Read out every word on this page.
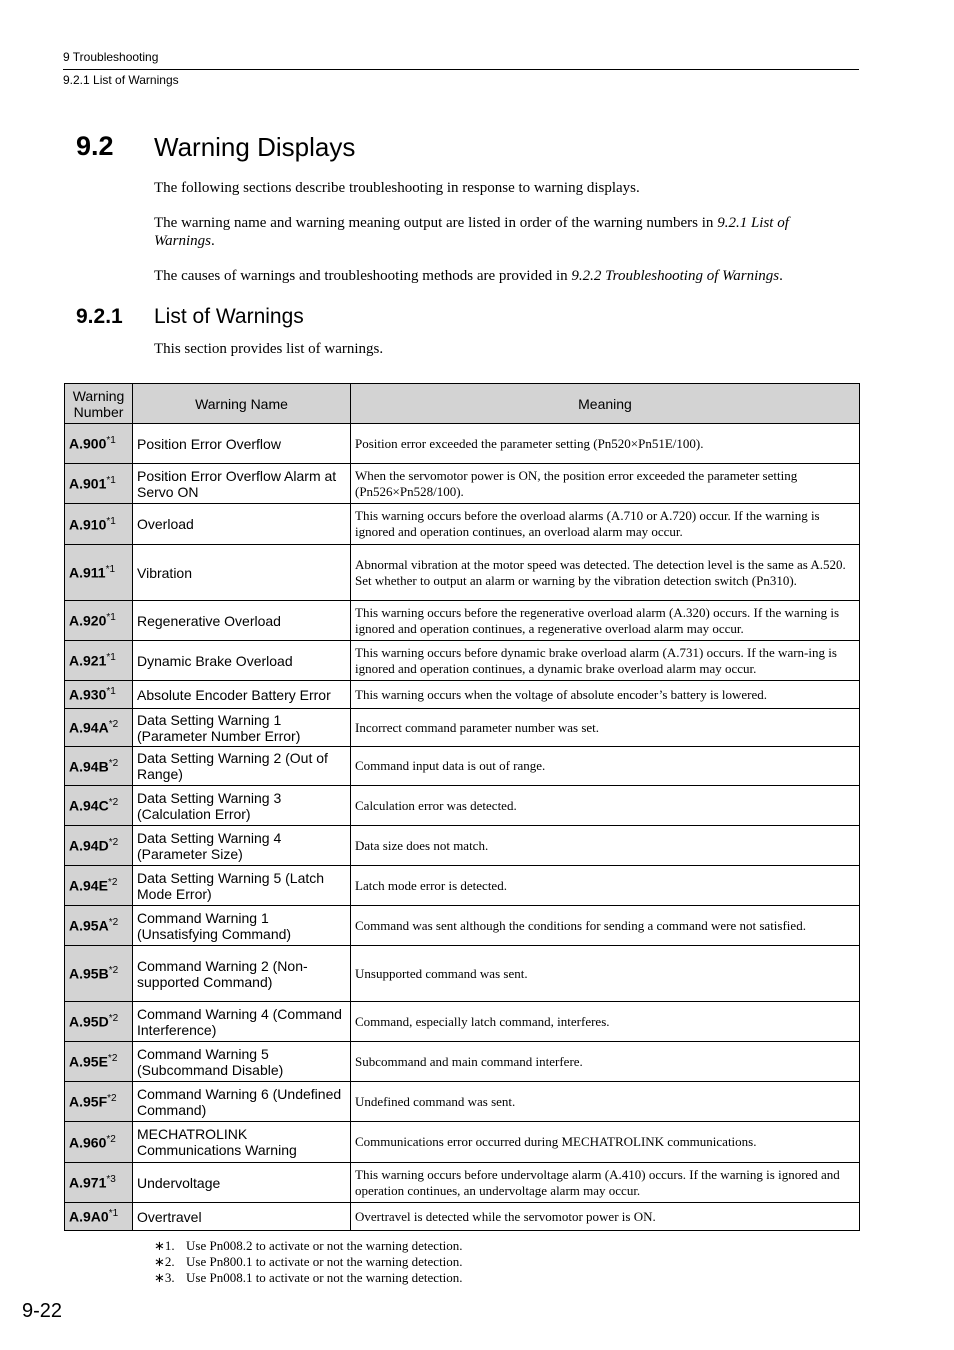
9 Troubleshooting
9.2.1 List of Warnings
9.2 Warning Displays
The following sections describe troubleshooting in response to warning displays.
The warning name and warning meaning output are listed in order of the warning numbers in 9.2.1 List of Warnings.
The causes of warnings and troubleshooting methods are provided in 9.2.2 Troubleshooting of Warnings.
9.2.1 List of Warnings
This section provides list of warnings.
Warning Number	Warning Name	Meaning
A.900$^{*1}$	Position Error Overflow	Position error exceeded the parameter setting (Pn520×Pn51E/100).
A.901$^{*1}$	Position Error Overflow Alarm at Servo ON	When the servomotor power is ON, the position error exceeded the parameter setting (Pn526×Pn528/100).
A.910$^{*1}$	Overload	This warning occurs before the overload alarms (A.710 or A.720) occur. If the warning is ignored and operation continues, an overload alarm may occur.
A.911$^{*1}$	Vibration	Abnormal vibration at the motor speed was detected. The detection level is the same as A.520. Set whether to output an alarm or warning by the vibration detection switch (Pn310).
A.920$^{*1}$	Regenerative Overload	This warning occurs before the regenerative overload alarm (A.320) occurs. If the warning is ignored and operation continues, a regenerative overload alarm may occur.
A.921$^{*1}$	Dynamic Brake Overload	This warning occurs before dynamic brake overload alarm (A.731) occurs. If the warn-ing is ignored and operation continues, a dynamic brake overload alarm may occur.
A.930$^{*1}$	Absolute Encoder Battery Error	This warning occurs when the voltage of absolute encoder’s battery is lowered.
$A.94A^{*2}$	Data Setting Warning 1 (Parameter Number Error)	Incorrect command parameter number was set.
$A.94B^{*2}$	Data Setting Warning 2 (Out of Range)	Command input data is out of range.
$A.94C^{*2}$	Data Setting Warning 3 (Calculation Error)	Calculation error was detected.
$A.94D^{*2}$	Data Setting Warning 4 (Parameter Size)	Data size does not match.
$A.94E^{*2}$	Data Setting Warning 5 (Latch Mode Error)	Latch mode error is detected.
$A.95A^{*2}$	Command Warning 1 (Unsatisfying Command)	Command was sent although the conditions for sending a command were not satisfied.
$A.95B^{*2}$	Command Warning 2 (Non-supported Command)	Unsupported command was sent.
$A.95D^{*2}$	Command Warning 4 (Command Interference)	Command, especially latch command, interferes.
$A.95E^{*2}$	Command Warning 5 (Subcommand Disable)	Subcommand and main command interfere.
$A.95F^{*2}$	Command Warning 6 (Undefined Command)	Undefined command was sent.
A.960$^{*2}$	MECHATROLINK Communications Warning	Communications error occurred during MECHATROLINK communications.
A.971$^{*3}$	Undervoltage	This warning occurs before undervoltage alarm (A.410) occurs. If the warning is ignored and operation continues, an undervoltage alarm may occur.
A.9A0$^{*1}$	Overtravel	Overtravel is detected while the servomotor power is ON.
∗1. Use Pn008.2 to activate or not the warning detection.
∗2. Use Pn800.1 to activate or not the warning detection.
∗3. Use Pn008.1 to activate or not the warning detection.
9-22
